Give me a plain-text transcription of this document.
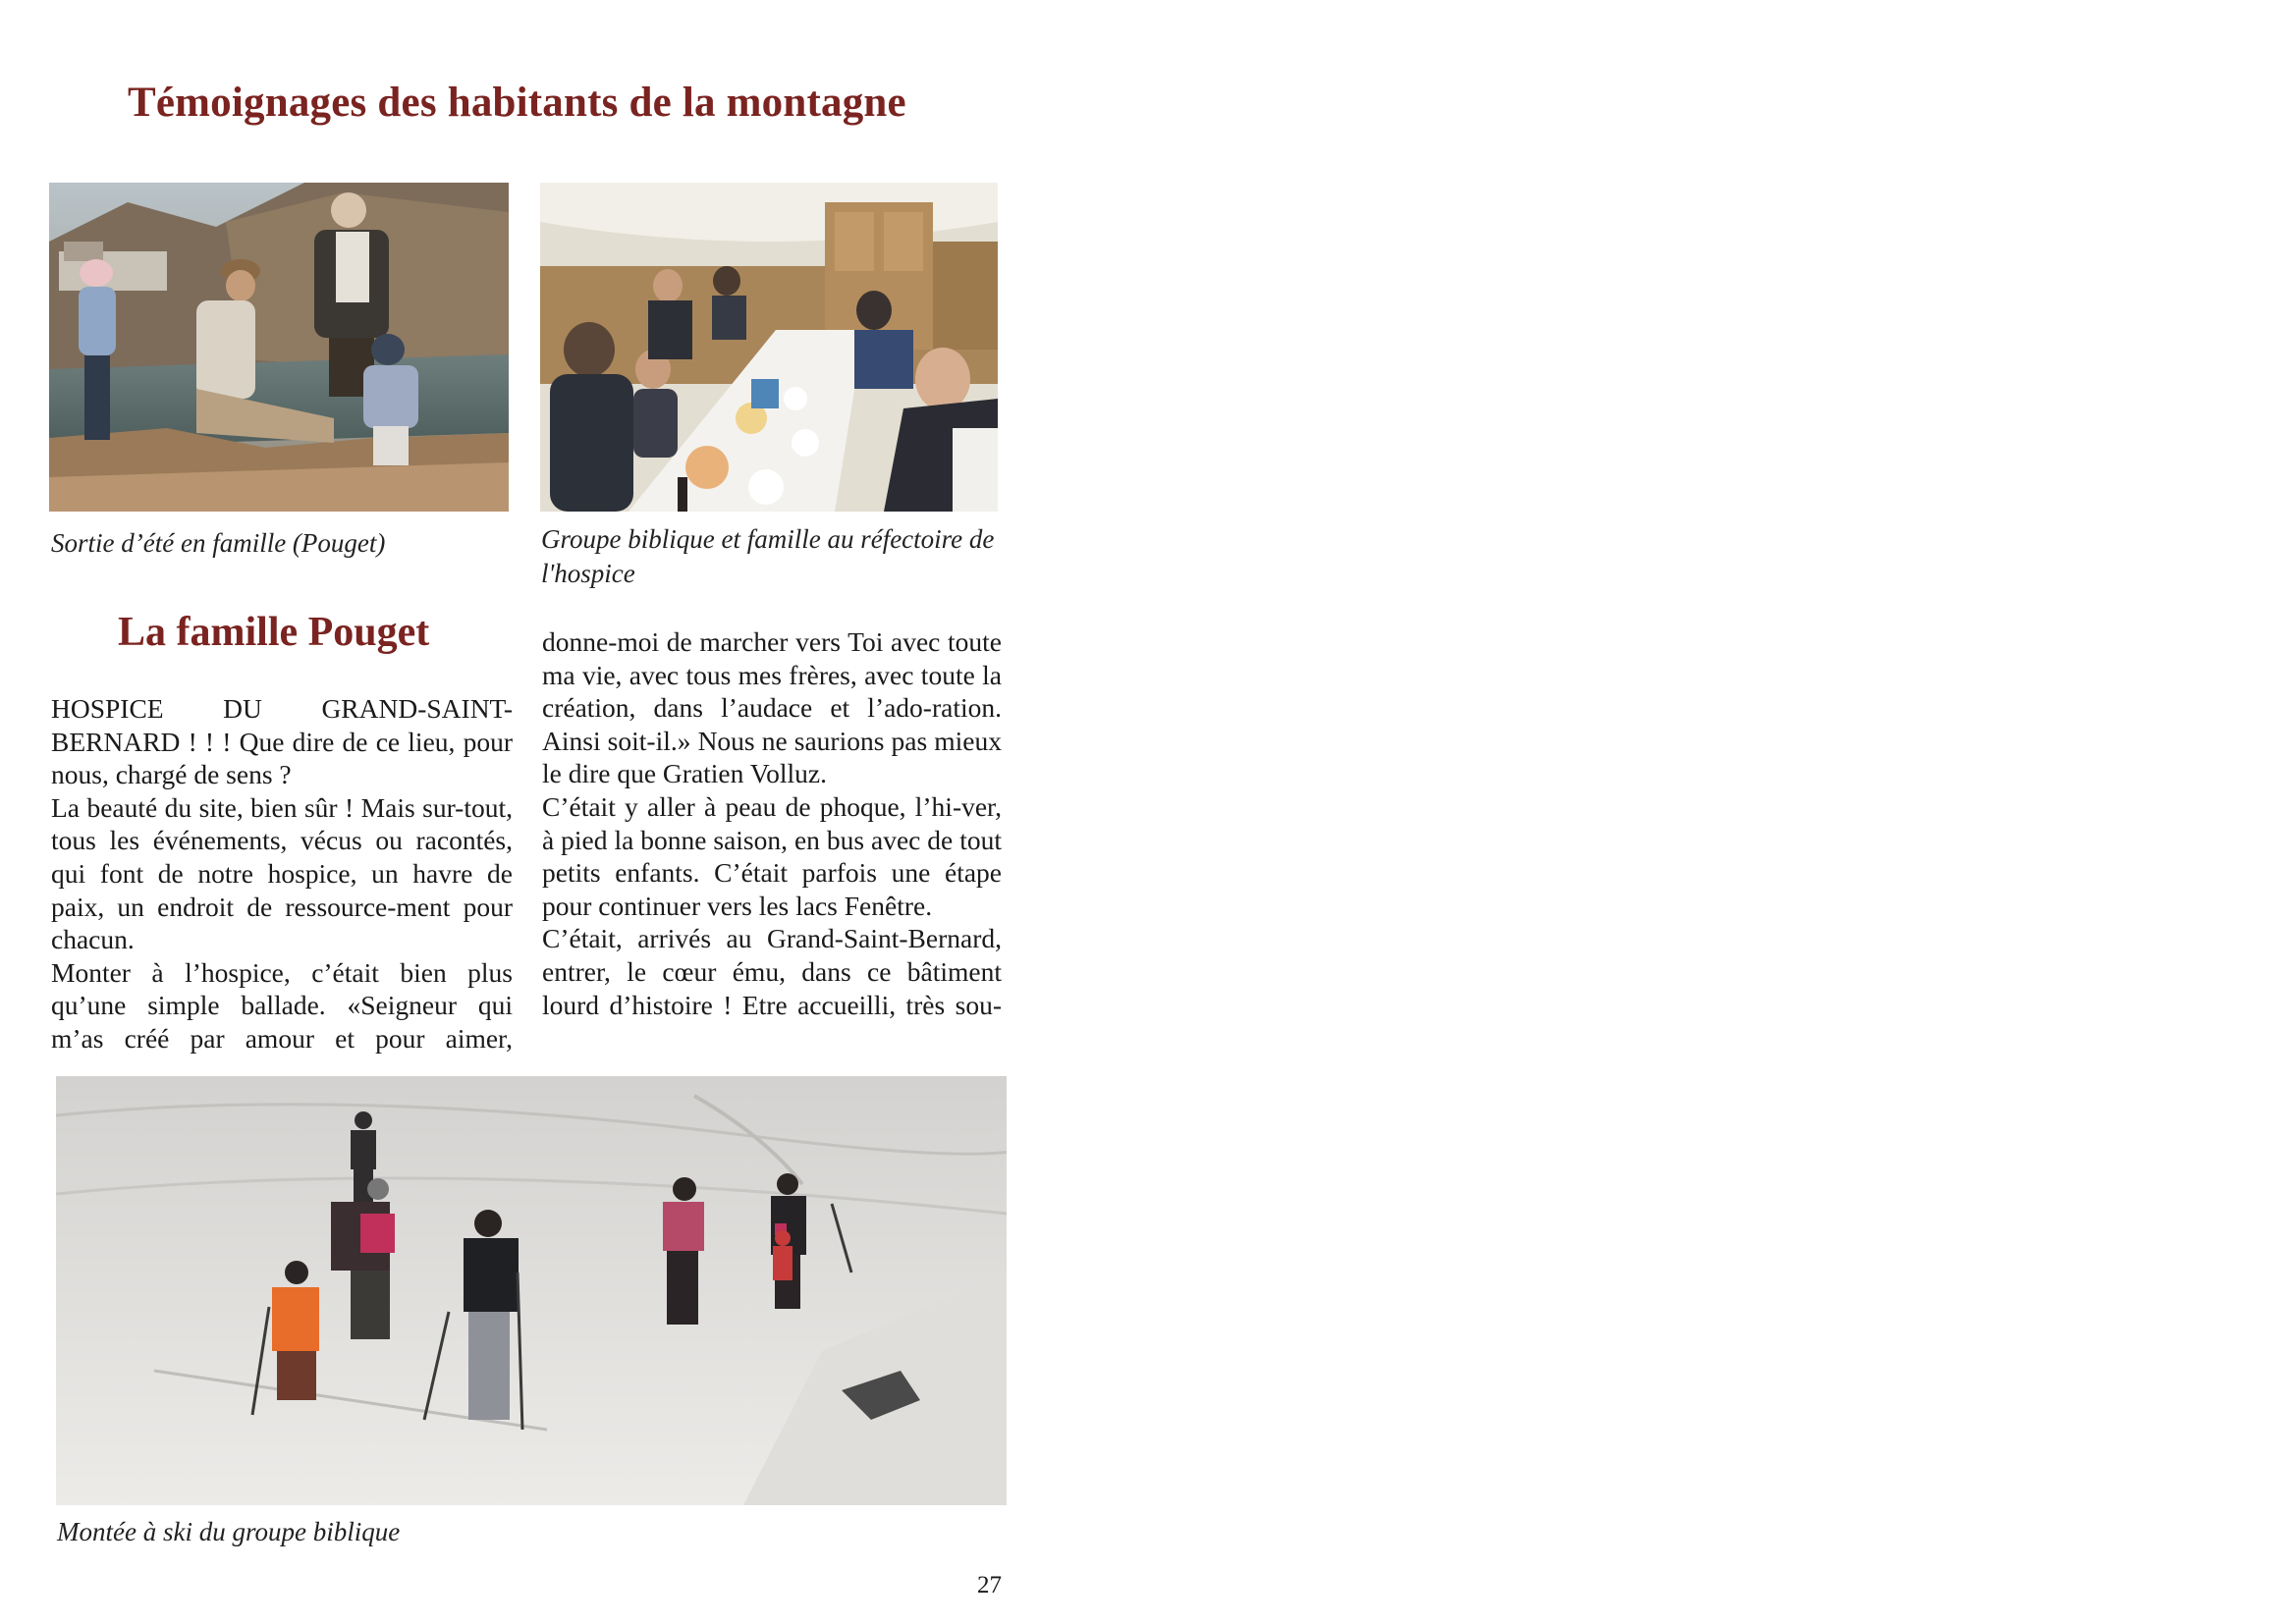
Témoignages des habitants de la montagne
Sortie d’été en famille (Pouget)	Groupe biblique et famille au réfectoire de l'hospice
La famille Pouget

HOSPICE DU GRAND-SAINT-BERNARD ! ! ! Que dire de ce lieu, pour nous, chargé de sens ?

La beauté du site, bien sûr ! Mais sur-tout, tous les événements, vécus ou racontés, qui font de notre hospice, un havre de paix, un endroit de ressource-ment pour chacun.

Monter à l’hospice, c’était bien plus qu’une simple ballade. «Seigneur qui m’as créé par amour et pour aimer,

donne-moi de marcher vers Toi avec toute ma vie, avec tous mes frères, avec toute la création, dans l’audace et l’ado-ration. Ainsi soit-il.» Nous ne saurions pas mieux le dire que Gratien Volluz.

C’était y aller à peau de phoque, l’hi-ver, à pied la bonne saison, en bus avec de tout petits enfants. C’était parfois une étape pour continuer vers les lacs Fenêtre.

C’était, arrivés au Grand-Saint-Bernard, entrer, le cœur ému, dans ce bâtiment lourd d’histoire ! Etre accueilli, très sou-

Montée à ski du groupe biblique
27
